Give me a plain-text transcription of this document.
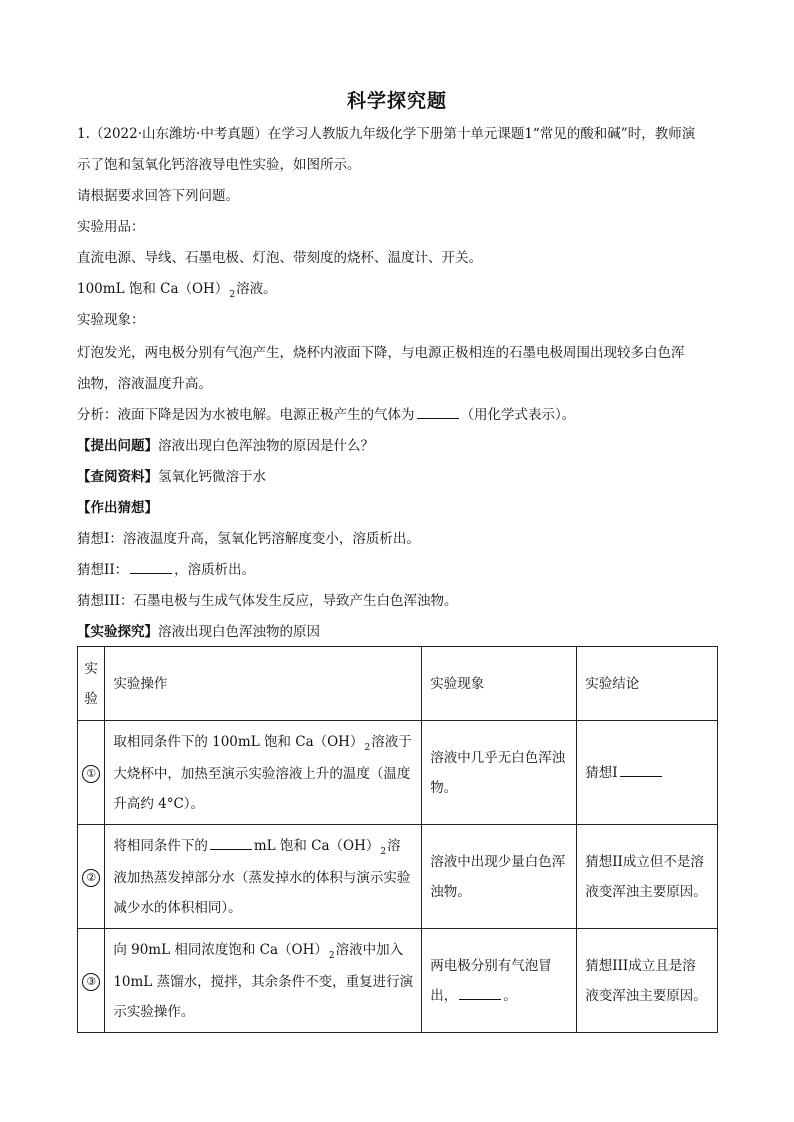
科学探究题
1.（2022·山东潍坊·中考真题）在学习人教版九年级化学下册第十单元课题1“常见的酸和碱”时，教师演
示了饱和氢氧化钙溶液导电性实验，如图所示。
请根据要求回答下列问题。
实验用品：
直流电源、导线、石墨电极、灯泡、带刻度的烧杯、温度计、开关。
100mL 饱和 $Ca(OH)_2$溶液。
实验现象：
灯泡发光，两电极分别有气泡产生，烧杯内液面下降，与电源正极相连的石墨电极周围出现较多白色浑
浊物，溶液温度升高。
分析：液面下降是因为水被电解。电源正极产生的气体为	（用化学式表示）。
【提出问题】溶液出现白色浑浊物的原因是什么？
【查阅资料】氢氧化钙微溶于水
【作出猜想】
猜想I：溶液温度升高，氢氧化钙溶解度变小，溶质析出。
猜想II：	，溶质析出。
猜想III：石墨电极与生成气体发生反应，导致产生白色浑浊物。
【实验探究】溶液出现白色浑浊物的原因
实
验	实验操作	实验现象	实验结论
①	取相同条件下的 100mL 饱和 $Ca(OH)_2$溶液于大烧杯中，加热至演示实验溶液上升的温度（温度升高约 4°C）。	溶液中几乎无白色浑浊物。	猜想I
②	将相同条件下的 mL 饱和 $Ca(OH)_2$溶液加热蒸发掉部分水（蒸发掉水的体积与演示实验减少水的体积相同）。	溶液中出现少量白色浑浊物。	猜想II成立但不是溶液变浑浊主要原因。
③	向 90mL 相同浓度饱和 $Ca(OH)_2$溶液中加入 10mL 蒸馏水，搅拌，其余条件不变，重复进行演示实验操作。	两电极分别有气泡冒出， 。	猜想III成立且是溶液变浑浊主要原因。
